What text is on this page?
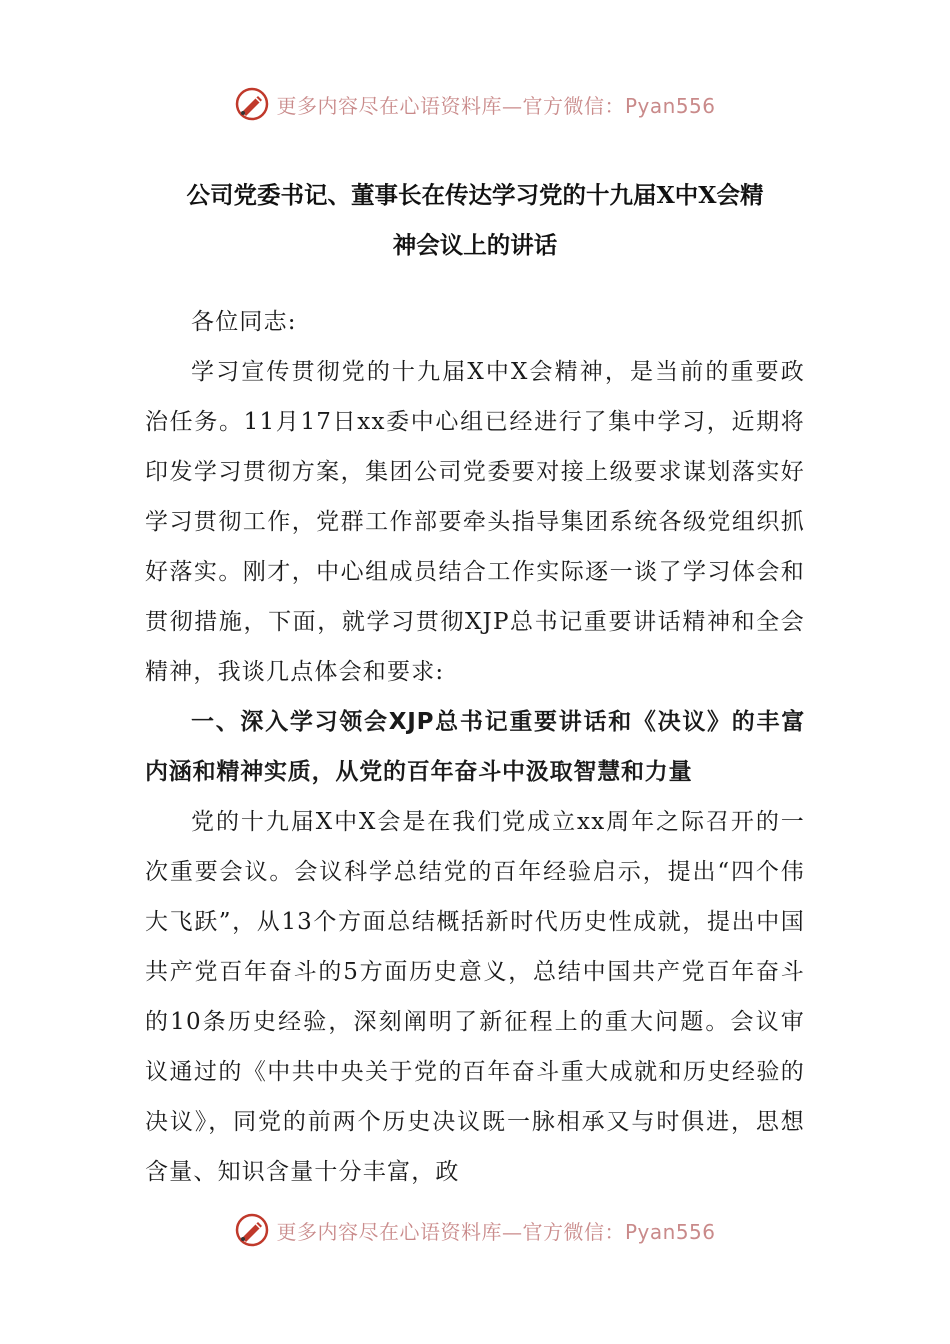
更多内容尽在心语资料库—官方微信：Pyan556
公司党委书记、董事长在传达学习党的十九届X中X会精
神会议上的讲话

各位同志:

学习宣传贯彻党的十九届X中X会精神，是当前的重要政治任务。11月17日xx委中心组已经进行了集中学习，近期将印发学习贯彻方案，集团公司党委要对接上级要求谋划落实好学习贯彻工作，党群工作部要牵头指导集团系统各级党组织抓好落实。刚才，中心组成员结合工作实际逐一谈了学习体会和贯彻措施，下面，就学习贯彻XJP总书记重要讲话精神和全会精神，我谈几点体会和要求:

一、深入学习领会XJP总书记重要讲话和《决议》的丰富内涵和精神实质，从党的百年奋斗中汲取智慧和力量

党的十九届X中X会是在我们党成立xx周年之际召开的一次重要会议。会议科学总结党的百年经验启示，提出“四个伟大飞跃”，从13个方面总结概括新时代历史性成就，提出中国共产党百年奋斗的5方面历史意义，总结中国共产党百年奋斗的10条历史经验，深刻阐明了新征程上的重大问题。会议审议通过的《中共中央关于党的百年奋斗重大成就和历史经验的决议》，同党的前两个历史决议既一脉相承又与时俱进，思想含量、知识含量十分丰富，政

更多内容尽在心语资料库—官方微信：Pyan556
